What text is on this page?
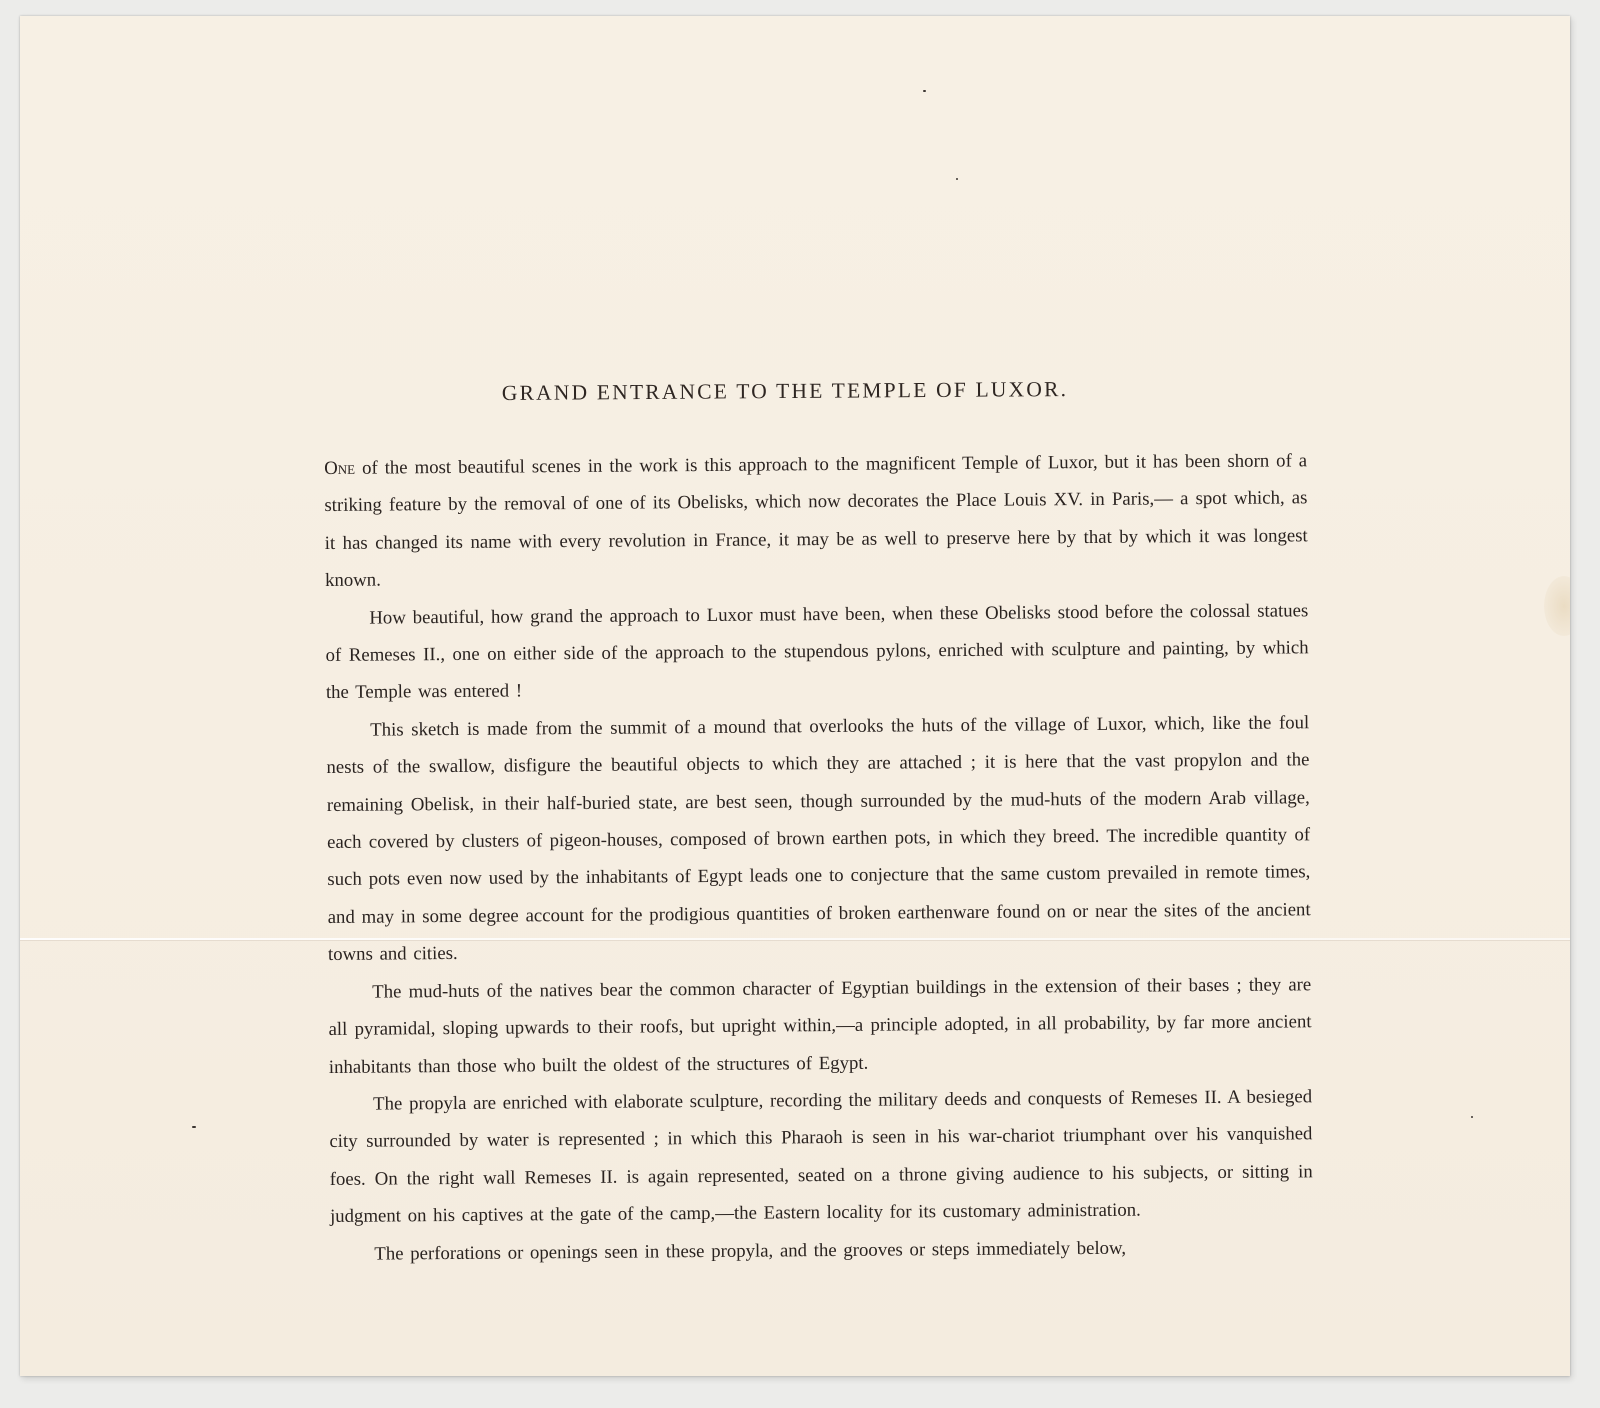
GRAND ENTRANCE TO THE TEMPLE OF LUXOR.

One of the most beautiful scenes in the work is this approach to the magnificent Temple of Luxor, but it has been shorn of a striking feature by the removal of one of its Obelisks, which now decorates the Place Louis XV. in Paris,— a spot which, as it has changed its name with every revolution in France, it may be as well to preserve here by that by which it was longest known.

How beautiful, how grand the approach to Luxor must have been, when these Obelisks stood before the colossal statues of Remeses II., one on either side of the approach to the stupendous pylons, enriched with sculpture and painting, by which the Temple was entered !

This sketch is made from the summit of a mound that overlooks the huts of the village of Luxor, which, like the foul nests of the swallow, disfigure the beautiful objects to which they are attached ; it is here that the vast propylon and the remaining Obelisk, in their half-buried state, are best seen, though surrounded by the mud-huts of the modern Arab village, each covered by clusters of pigeon-houses, composed of brown earthen pots, in which they breed. The incredible quantity of such pots even now used by the inhabitants of Egypt leads one to conjecture that the same custom prevailed in remote times, and may in some degree account for the prodigious quantities of broken earthenware found on or near the sites of the ancient towns and cities.

The mud-huts of the natives bear the common character of Egyptian buildings in the extension of their bases ; they are all pyramidal, sloping upwards to their roofs, but upright within,—a principle adopted, in all probability, by far more ancient inhabitants than those who built the oldest of the structures of Egypt.

The propyla are enriched with elaborate sculpture, recording the military deeds and conquests of Remeses II. A besieged city surrounded by water is represented ; in which this Pharaoh is seen in his war-chariot triumphant over his vanquished foes. On the right wall Remeses II. is again represented, seated on a throne giving audience to his subjects, or sitting in judgment on his captives at the gate of the camp,—the Eastern locality for its customary administration.

The perforations or openings seen in these propyla, and the grooves or steps immediately below,
